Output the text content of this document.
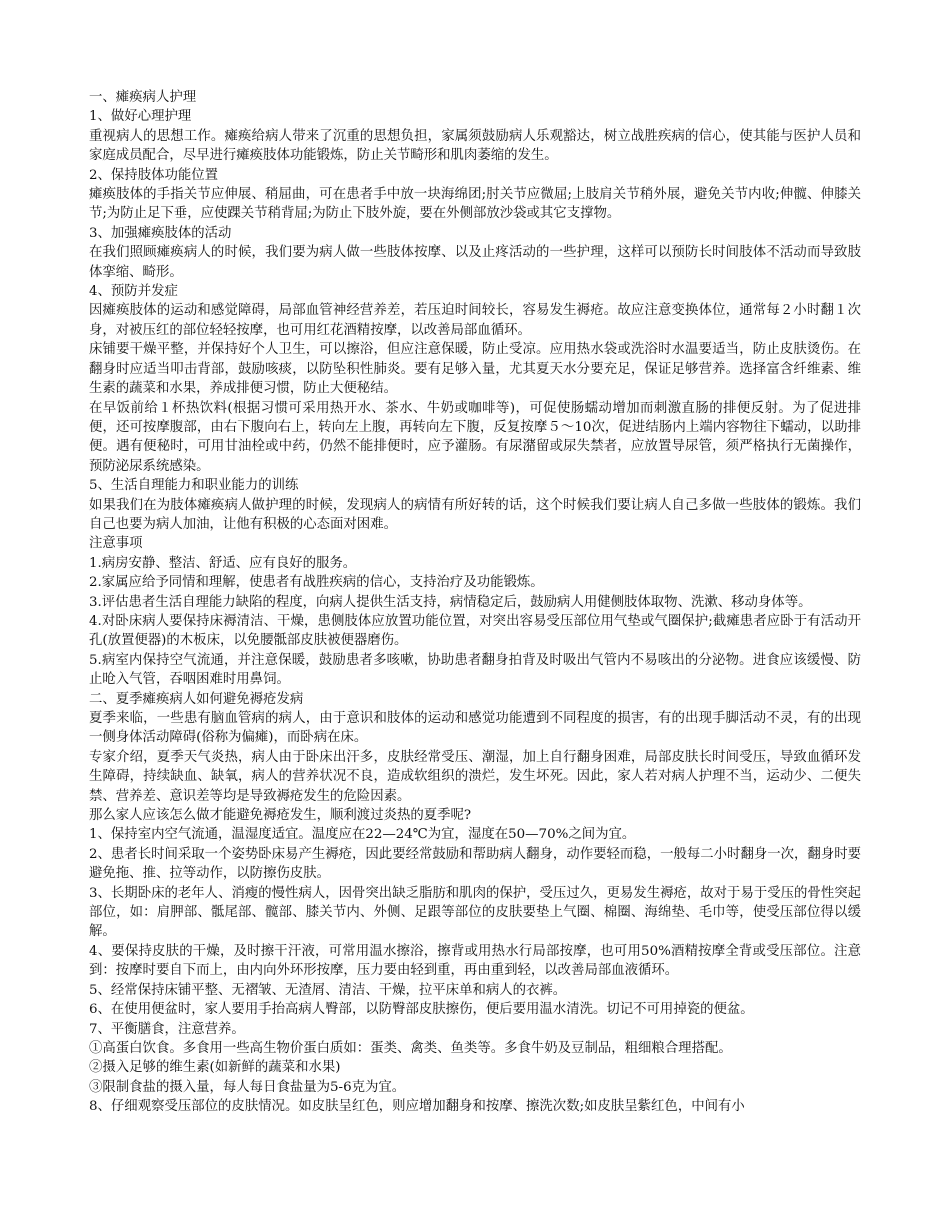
一、瘫痪病人护理

1、做好心理护理

重视病人的思想工作。瘫痪给病人带来了沉重的思想负担，家属须鼓励病人乐观豁达，树立战胜疾病的信心，使其能与医护人员和家庭成员配合，尽早进行瘫痪肢体功能锻炼，防止关节畸形和肌肉萎缩的发生。

2、保持肢体功能位置

瘫痪肢体的手指关节应伸展、稍屈曲，可在患者手中放一块海绵团;肘关节应微屈;上肢肩关节稍外展，避免关节内收;伸髋、伸膝关节;为防止足下垂，应使踝关节稍背屈;为防止下肢外旋，要在外侧部放沙袋或其它支撑物。

3、加强瘫痪肢体的活动

在我们照顾瘫痪病人的时候，我们要为病人做一些肢体按摩、以及止疼活动的一些护理，这样可以预防长时间肢体不活动而导致肢体挛缩、畸形。

4、预防并发症

因瘫痪肢体的运动和感觉障碍，局部血管神经营养差，若压迫时间较长，容易发生褥疮。故应注意变换体位，通常每２小时翻１次身，对被压红的部位轻轻按摩，也可用红花酒精按摩，以改善局部血循环。

床铺要干燥平整，并保持好个人卫生，可以擦浴，但应注意保暖，防止受凉。应用热水袋或洗浴时水温要适当，防止皮肤烫伤。在翻身时应适当叩击背部，鼓励咳痰，以防坠积性肺炎。要有足够入量，尤其夏天水分要充足，保证足够营养。选择富含纤维素、维生素的蔬菜和水果，养成排便习惯，防止大便秘结。

在早饭前给１杯热饮料(根据习惯可采用热开水、茶水、牛奶或咖啡等)，可促使肠蠕动增加而刺激直肠的排便反射。为了促进排便，还可按摩腹部，由右下腹向右上，转向左上腹，再转向左下腹，反复按摩５～10次，促进结肠内上端内容物往下蠕动，以助排便。遇有便秘时，可用甘油栓或中药，仍然不能排便时，应予灌肠。有尿潴留或尿失禁者，应放置导尿管，须严格执行无菌操作，预防泌尿系统感染。

5、生活自理能力和职业能力的训练

如果我们在为肢体瘫痪病人做护理的时候，发现病人的病情有所好转的话，这个时候我们要让病人自己多做一些肢体的锻炼。我们自己也要为病人加油，让他有积极的心态面对困难。

注意事项

1.病房安静、整洁、舒适、应有良好的服务。

2.家属应给予同情和理解，使患者有战胜疾病的信心，支持治疗及功能锻炼。

3.评估患者生活自理能力缺陷的程度，向病人提供生活支持，病情稳定后，鼓励病人用健侧肢体取物、洗漱、移动身体等。

4.对卧床病人要保持床褥清洁、干燥，患侧肢体应放置功能位置，对突出容易受压部位用气垫或气圈保护;截瘫患者应卧于有活动开孔(放置便器)的木板床，以免腰骶部皮肤被便器磨伤。

5.病室内保持空气流通，并注意保暖，鼓励患者多咳嗽，协助患者翻身拍背及时吸出气管内不易咳出的分泌物。进食应该缓慢、防止呛入气管，吞咽困难时用鼻饲。

二、夏季瘫痪病人如何避免褥疮发病

夏季来临，一些患有脑血管病的病人，由于意识和肢体的运动和感觉功能遭到不同程度的损害，有的出现手脚活动不灵，有的出现一侧身体活动障碍(俗称为偏瘫)，而卧病在床。

专家介绍，夏季天气炎热，病人由于卧床出汗多，皮肤经常受压、潮湿，加上自行翻身困难，局部皮肤长时间受压，导致血循环发生障碍，持续缺血、缺氧，病人的营养状况不良，造成软组织的溃烂，发生坏死。因此，家人若对病人护理不当，运动少、二便失禁、营养差、意识差等均是导致褥疮发生的危险因素。

那么家人应该怎么做才能避免褥疮发生，顺利渡过炎热的夏季呢?

1、保持室内空气流通，温湿度适宜。温度应在22—24℃为宜，湿度在50—70%之间为宜。

2、患者长时间采取一个姿势卧床易产生褥疮，因此要经常鼓励和帮助病人翻身，动作要轻而稳，一般每二小时翻身一次，翻身时要避免拖、推、拉等动作，以防擦伤皮肤。

3、长期卧床的老年人、消瘦的慢性病人，因骨突出缺乏脂肪和肌肉的保护，受压过久，更易发生褥疮，故对于易于受压的骨性突起部位，如：肩胛部、骶尾部、髋部、膝关节内、外侧、足跟等部位的皮肤要垫上气圈、棉圈、海绵垫、毛巾等，使受压部位得以缓解。

4、要保持皮肤的干燥，及时擦干汗液，可常用温水擦浴，擦背或用热水行局部按摩，也可用50%酒精按摩全背或受压部位。注意到：按摩时要自下而上，由内向外环形按摩，压力要由轻到重，再由重到轻，以改善局部血液循环。

5、经常保持床铺平整、无褶皱、无渣屑、清洁、干燥，拉平床单和病人的衣裤。

6、在使用便盆时，家人要用手抬高病人臀部，以防臀部皮肤擦伤，便后要用温水清洗。切记不可用掉瓷的便盆。

7、平衡膳食，注意营养。

①高蛋白饮食。多食用一些高生物价蛋白质如：蛋类、禽类、鱼类等。多食牛奶及豆制品，粗细粮合理搭配。

②摄入足够的维生素(如新鲜的蔬菜和水果)

③限制食盐的摄入量，每人每日食盐量为5-6克为宜。

8、仔细观察受压部位的皮肤情况。如皮肤呈红色，则应增加翻身和按摩、擦洗次数;如皮肤呈紫红色，中间有小
